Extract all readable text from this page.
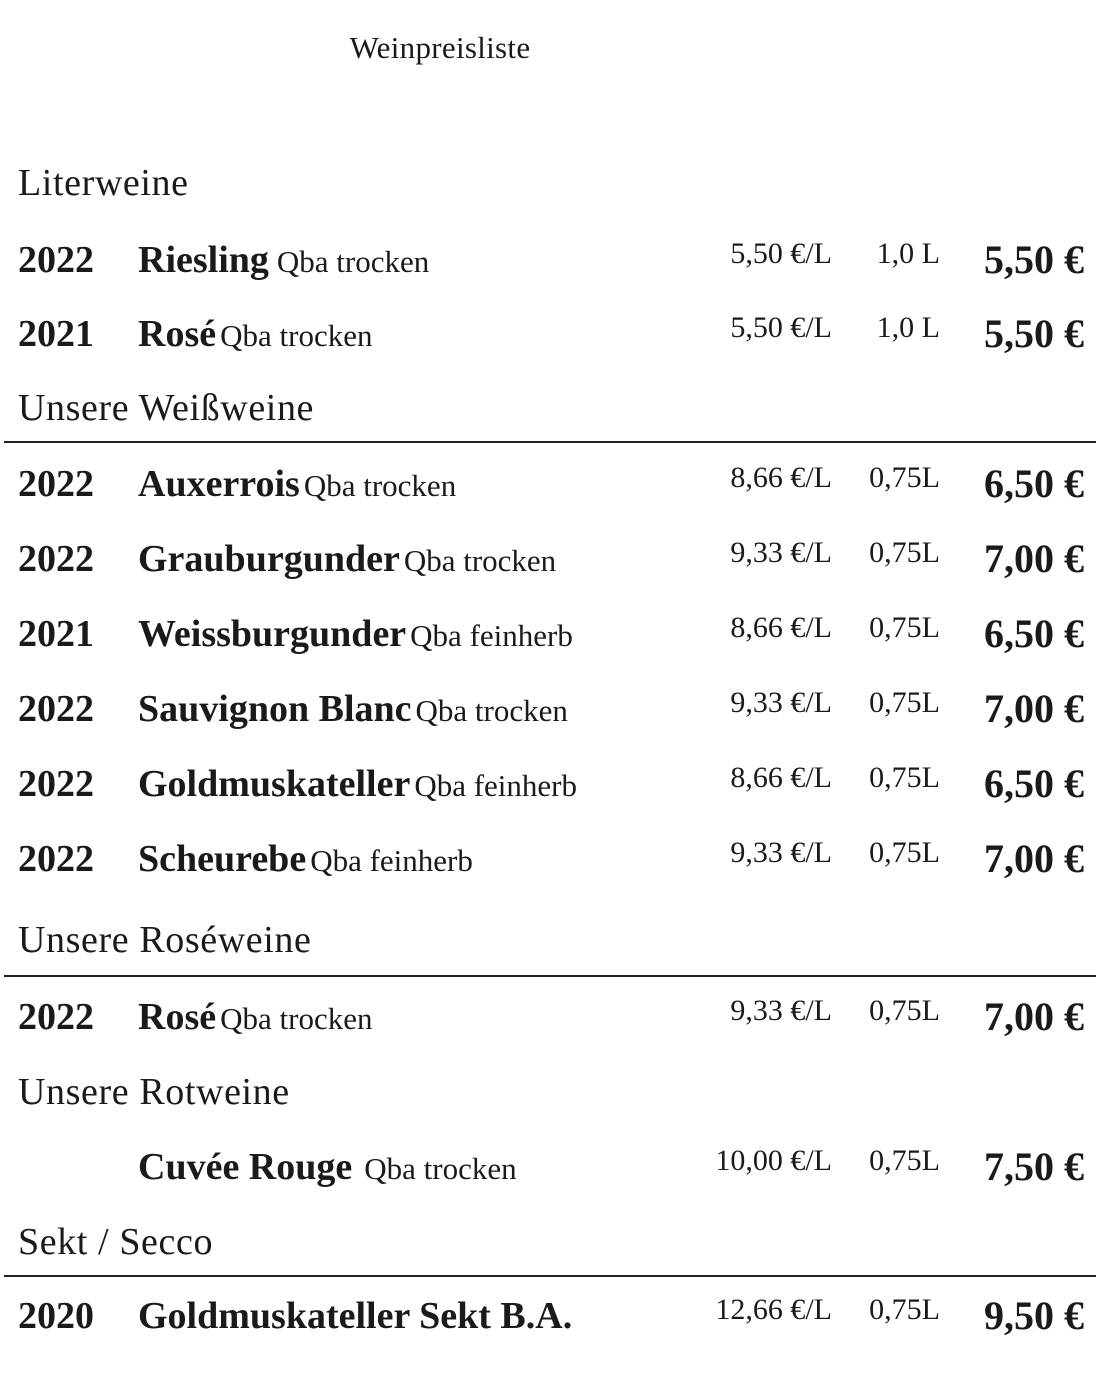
Weinpreisliste
Literweine
2022 Riesling Qba trocken	5,50 €/L 1,0 L 5,50 €
2021 Rosé Qba trocken	5,50 €/L 1,0 L 5,50 €
Unsere Weißweine
2022 Auxerrois Qba trocken	8,66 €/L 0,75L 6,50 €
2022 Grauburgunder Qba trocken	9,33 €/L 0,75L 7,00 €
2021 Weissburgunder Qba feinherb	8,66 €/L 0,75L 6,50 €
2022 Sauvignon Blanc Qba trocken	9,33 €/L 0,75L 7,00 €
2022 Goldmuskateller Qba feinherb	8,66 €/L 0,75L 6,50 €
2022 Scheurebe Qba feinherb	9,33 €/L 0,75L 7,00 €
Unsere Roséweine
2022 Rosé Qba trocken	9,33 €/L 0,75L 7,00 €
Unsere Rotweine
Cuvée Rouge Qba trocken	10,00 €/L 0,75L 7,50 €
Sekt / Secco
2020 Goldmuskateller Sekt B.A.	12,66 €/L 0,75L 9,50 €
